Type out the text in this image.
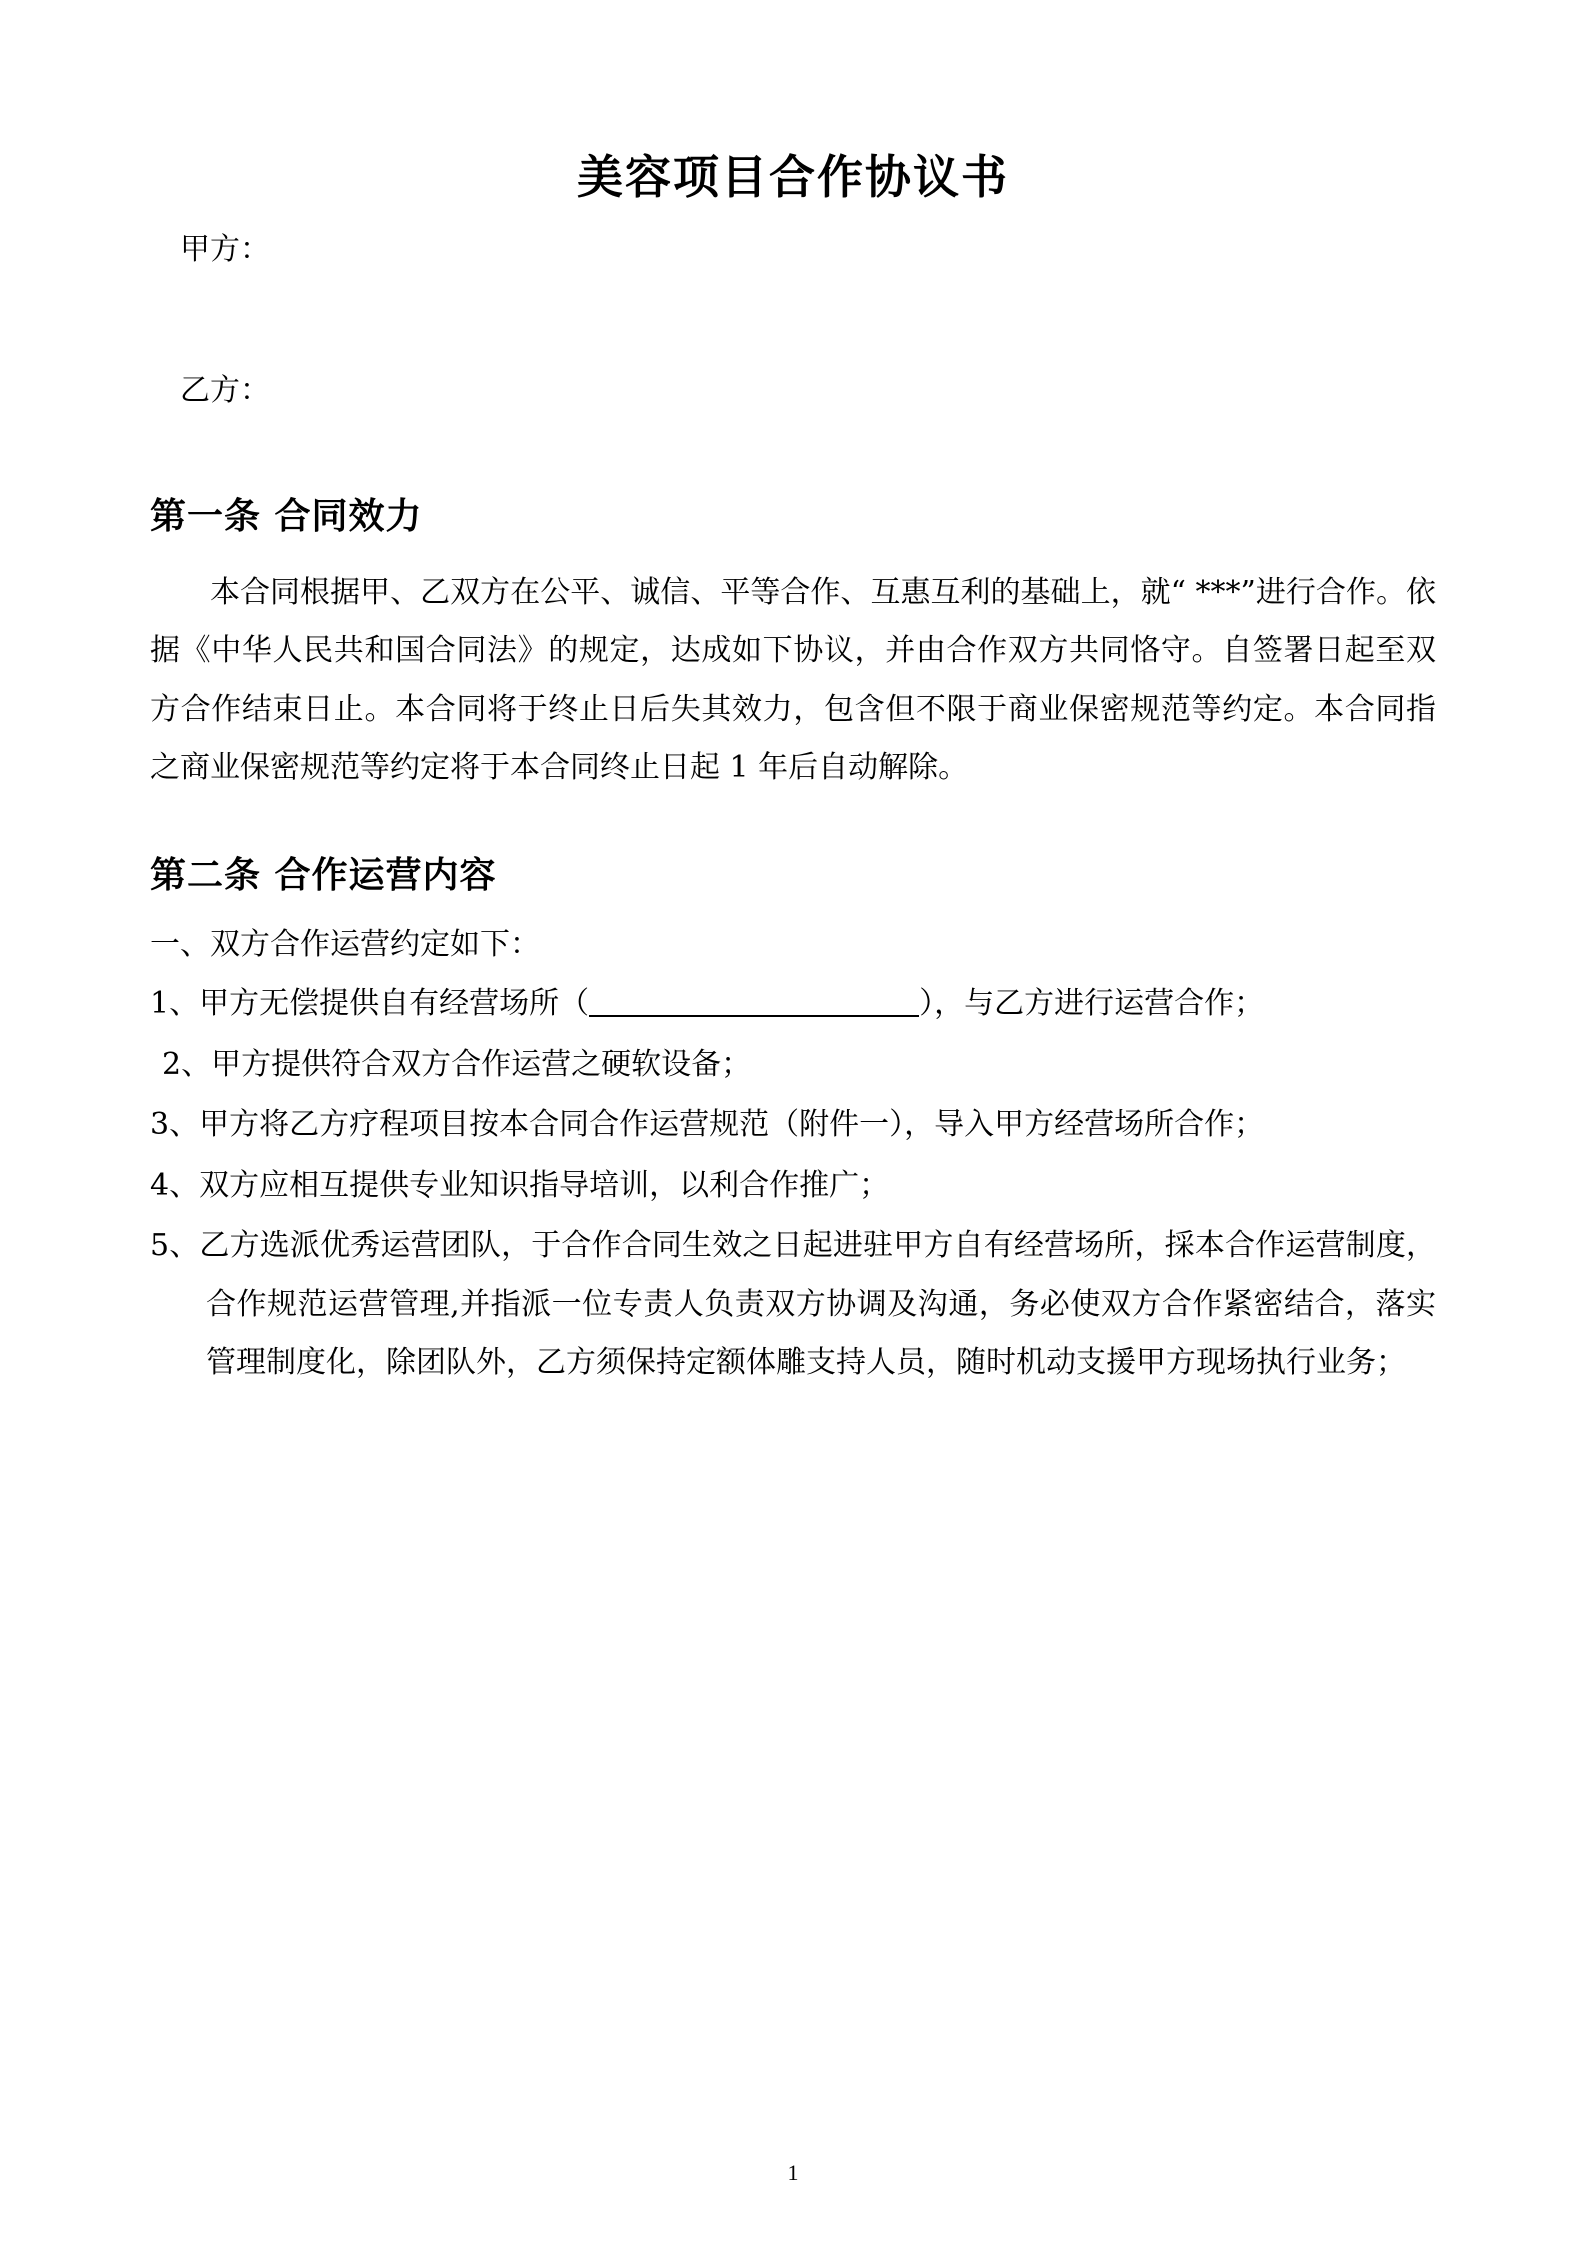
美容项目合作协议书

甲方：

乙方：

第一条 合同效力

本合同根据甲、乙双方在公平、诚信、平等合作、互惠互利的基础上，就“ ***”进行合作。依据《中华人民共和国合同法》的规定，达成如下协议，并由合作双方共同恪守。自签署日起至双方合作结束日止。本合同将于终止日后失其效力，包含但不限于商业保密规范等约定。本合同指之商业保密规范等约定将于本合同终止日起 1 年后自动解除。

第二条 合作运营内容

一、双方合作运营约定如下：

1、甲方无偿提供自有经营场所（	），与乙方进行运营合作；

2、甲方提供符合双方合作运营之硬软设备；

3、甲方将乙方疗程项目按本合同合作运营规范（附件一），导入甲方经营场所合作；

4、双方应相互提供专业知识指导培训，以利合作推广；

5、乙方选派优秀运营团队，于合作合同生效之日起进驻甲方自有经营场所，採本合作运营制度，合作规范运营管理,并指派一位专责人负责双方协调及沟通，务必使双方合作紧密结合，落实管理制度化，除团队外，乙方须保持定额体雕支持人员，随时机动支援甲方现场执行业务；

1
